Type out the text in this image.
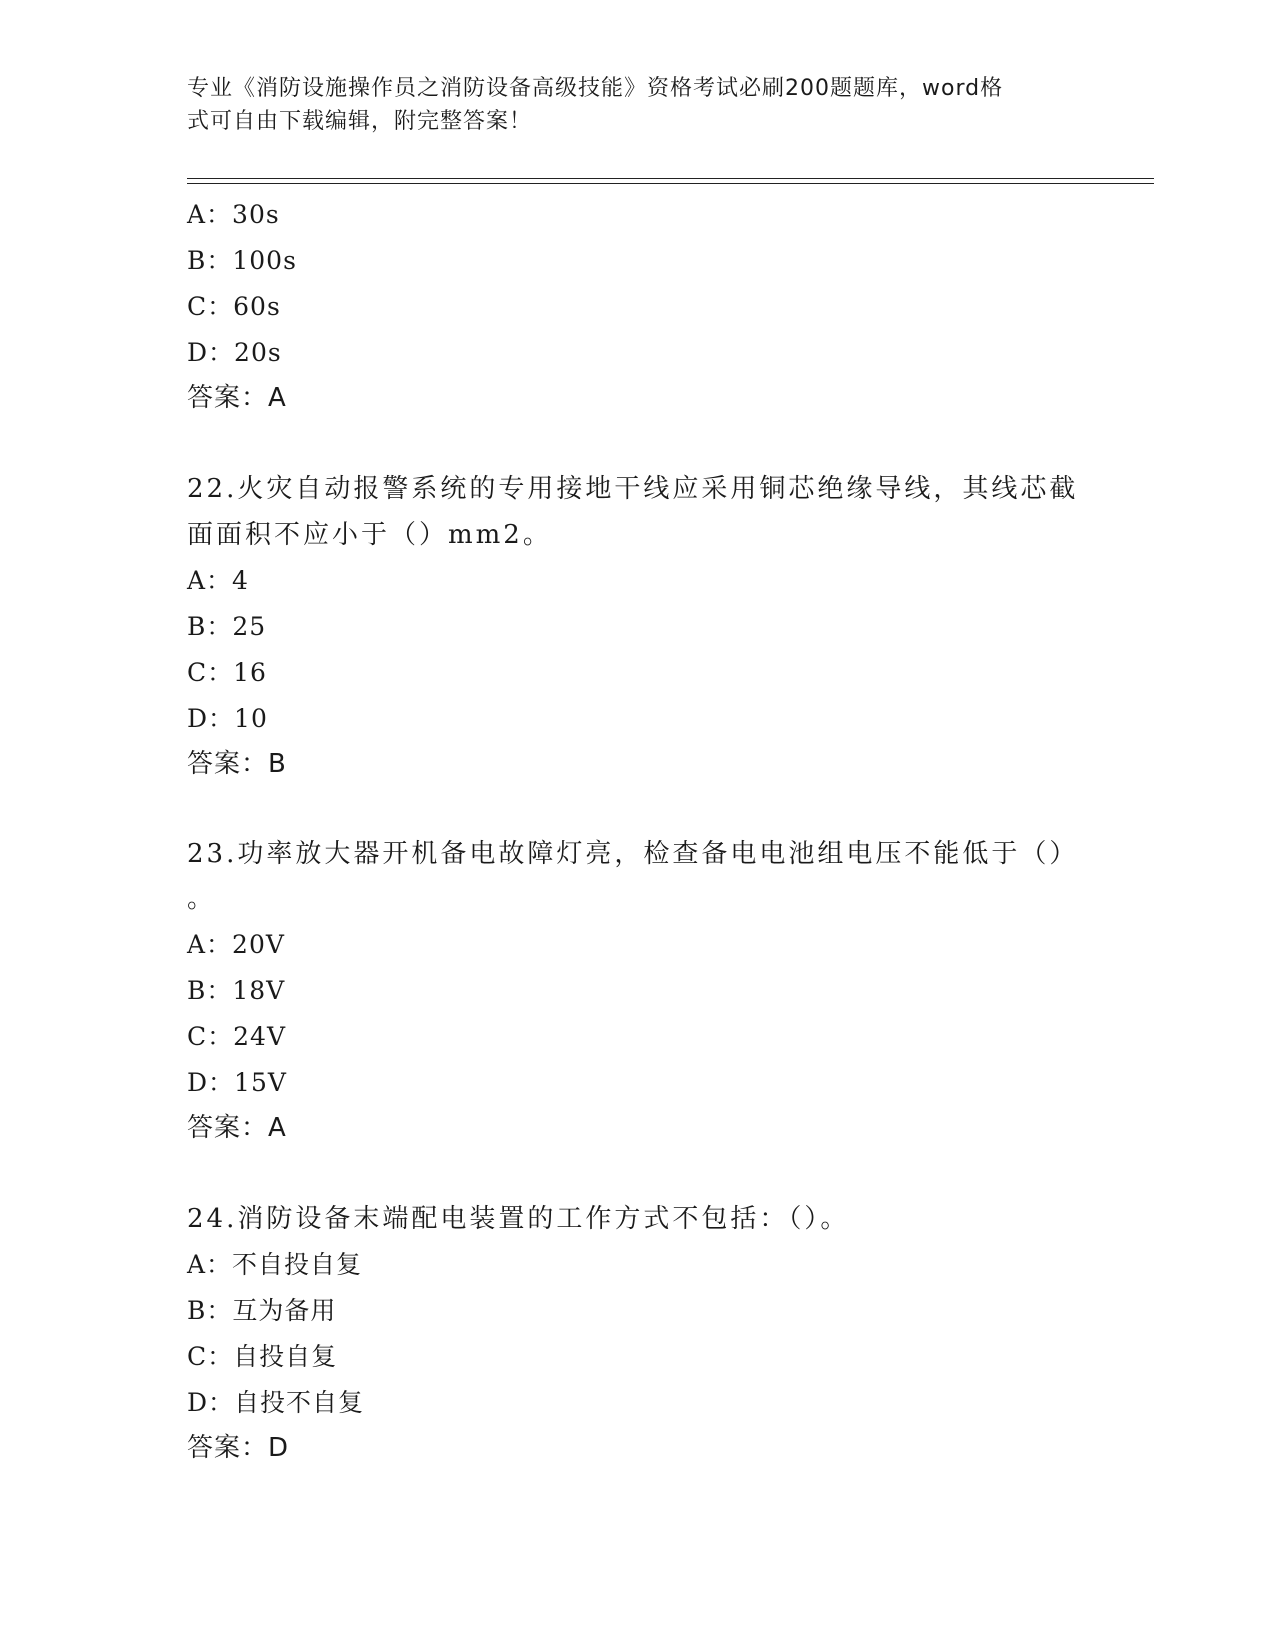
专业《消防设施操作员之消防设备高级技能》资格考试必刷200题题库，word格
式可自由下载编辑，附完整答案！
A：30s
B：100s
C：60s
D：20s
答案：A
22.火灾自动报警系统的专用接地干线应采用铜芯绝缘导线，其线芯截
面面积不应小于（）mm2。
A：4
B：25
C：16
D：10
答案：B
23.功率放大器开机备电故障灯亮，检查备电电池组电压不能低于（）
。
A：20V
B：18V
C：24V
D：15V
答案：A
24.消防设备末端配电装置的工作方式不包括：（）。
A：不自投自复
B：互为备用
C：自投自复
D：自投不自复
答案：D
